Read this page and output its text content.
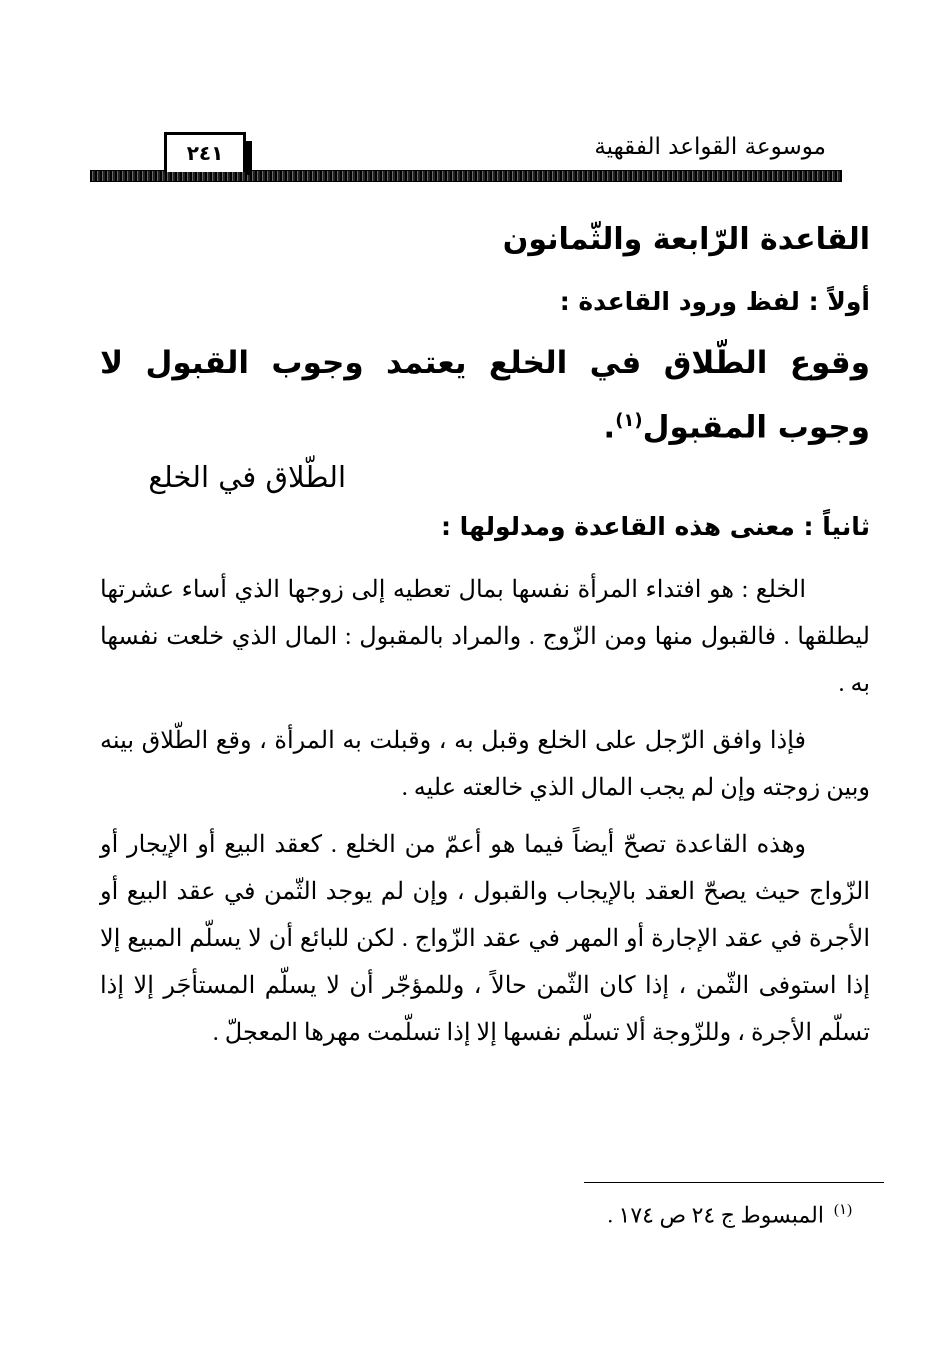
٢٤١	موسوعة القواعد الفقهية
القاعدة الرّابعة والثّمانون
أولاً : لفظ ورود القاعدة :
وقوع الطّلاق في الخلع يعتمد وجوب القبول لا وجوب المقبول$^{(١)}$.
الطّلاق في الخلع
ثانياً : معنى هذه القاعدة ومدلولها :
الخلع : هو افتداء المرأة نفسها بمال تعطيه إلى زوجها الذي أساء عشرتها ليطلقها . فالقبول منها ومن الزّوج . والمراد بالمقبول : المال الذي خلعت نفسها به .
فإذا وافق الرّجل على الخلع وقبل به ، وقبلت به المرأة ، وقع الطّلاق بينه وبين زوجته وإن لم يجب المال الذي خالعته عليه .
وهذه القاعدة تصحّ أيضاً فيما هو أعمّ من الخلع . كعقد البيع أو الإيجار أو الزّواج حيث يصحّ العقد بالإيجاب والقبول ، وإن لم يوجد الثّمن في عقد البيع أو الأجرة في عقد الإجارة أو المهر في عقد الزّواج . لكن للبائع أن لا يسلّم المبيع إلا إذا استوفى الثّمن ، إذا كان الثّمن حالاً ، وللمؤجّر أن لا يسلّم المستأجَر إلا إذا تسلّم الأجرة ، وللزّوجة ألا تسلّم نفسها إلا إذا تسلّمت مهرها المعجلّ .
$^{(١)}$المبسوط ج ٢٤ ص ١٧٤ .
